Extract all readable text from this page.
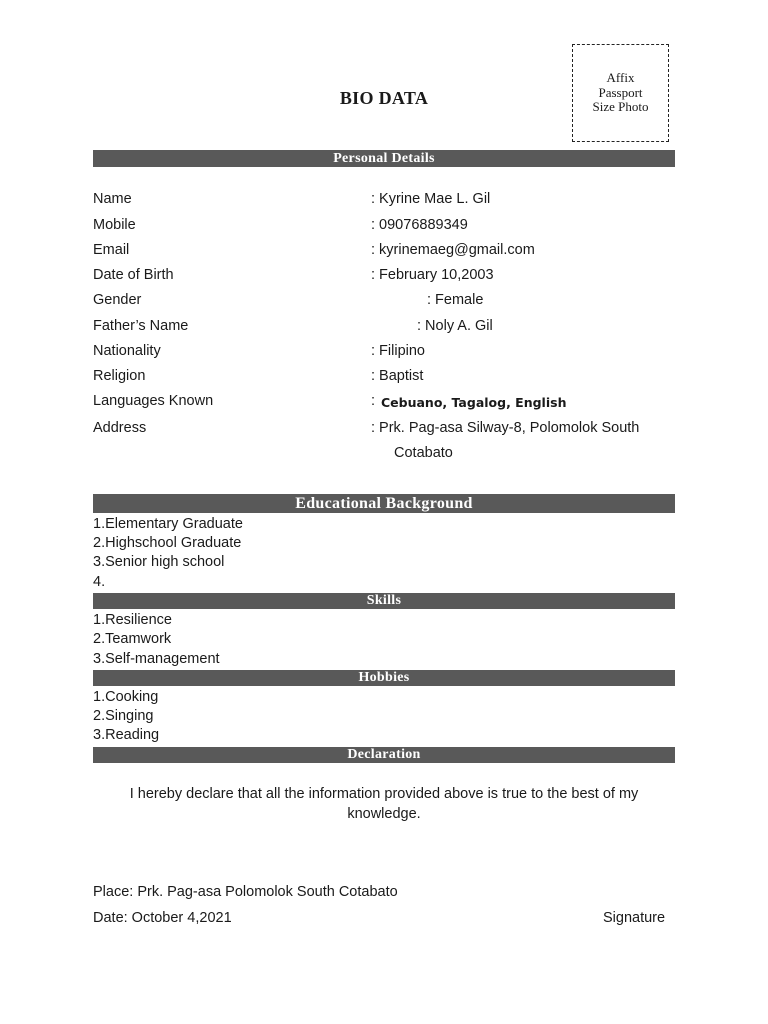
BIO DATA
Affix
Passport
Size Photo
Personal Details
Name	: Kyrine Mae L. Gil
Mobile	: 09076889349
Email	: kyrinemaeg@gmail.com
Date of Birth	: February 10,2003
Gender	: Female
Father’s Name	: Noly A. Gil
Nationality	: Filipino
Religion	: Baptist
Languages Known	: Cebuano, Tagalog, English
Address	: Prk. Pag-asa Silway-8, Polomolok South
Cotabato
Educational Background
1.Elementary Graduate
2.Highschool Graduate
3.Senior high school
4.
Skills
1.Resilience
2.Teamwork
3.Self-management
Hobbies
1.Cooking
2.Singing
3.Reading
Declaration
I hereby declare that all the information provided above is true to the best of my knowledge.
Place: Prk. Pag-asa Polomolok South Cotabato
Date: October 4,2021	Signature
